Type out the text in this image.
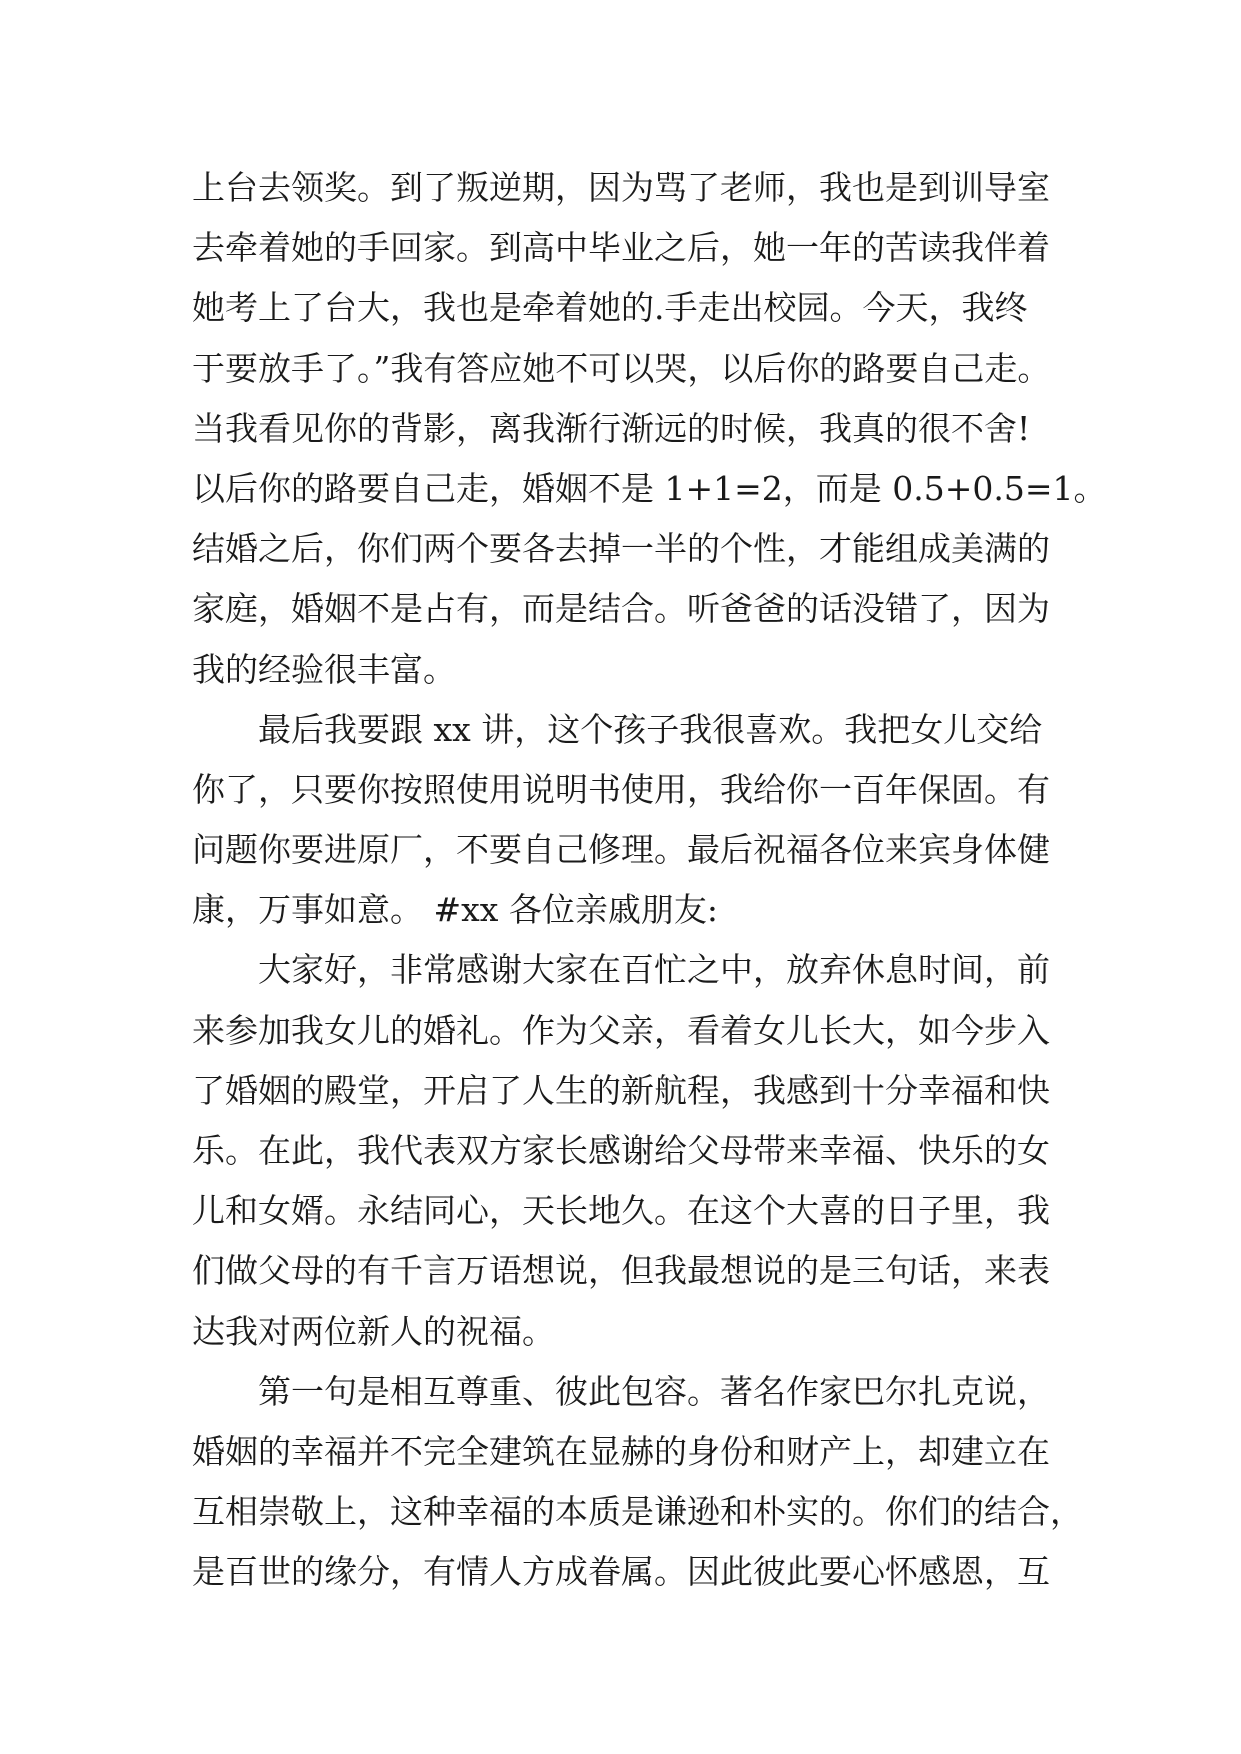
上台去领奖。到了叛逆期，因为骂了老师，我也是到训导室
去牵着她的手回家。到高中毕业之后，她一年的苦读我伴着
她考上了台大，我也是牵着她的.手走出校园。今天，我终
于要放手了。”我有答应她不可以哭，以后你的路要自己走。
当我看见你的背影，离我渐行渐远的时候，我真的很不舍!
以后你的路要自己走，婚姻不是 1+1=2，而是 0.5+0.5=1。
结婚之后，你们两个要各去掉一半的个性，才能组成美满的
家庭，婚姻不是占有，而是结合。听爸爸的话没错了，因为
我的经验很丰富。
最后我要跟 xx 讲，这个孩子我很喜欢。我把女儿交给
你了，只要你按照使用说明书使用，我给你一百年保固。有
问题你要进原厂，不要自己修理。最后祝福各位来宾身体健
康，万事如意。 #xx 各位亲戚朋友:
大家好，非常感谢大家在百忙之中，放弃休息时间，前
来参加我女儿的婚礼。作为父亲，看着女儿长大，如今步入
了婚姻的殿堂，开启了人生的新航程，我感到十分幸福和快
乐。在此，我代表双方家长感谢给父母带来幸福、快乐的女
儿和女婿。永结同心，天长地久。在这个大喜的日子里，我
们做父母的有千言万语想说，但我最想说的是三句话，来表
达我对两位新人的祝福。
第一句是相互尊重、彼此包容。著名作家巴尔扎克说，
婚姻的幸福并不完全建筑在显赫的身份和财产上，却建立在
互相崇敬上，这种幸福的本质是谦逊和朴实的。你们的结合，
是百世的缘分，有情人方成眷属。因此彼此要心怀感恩，互
